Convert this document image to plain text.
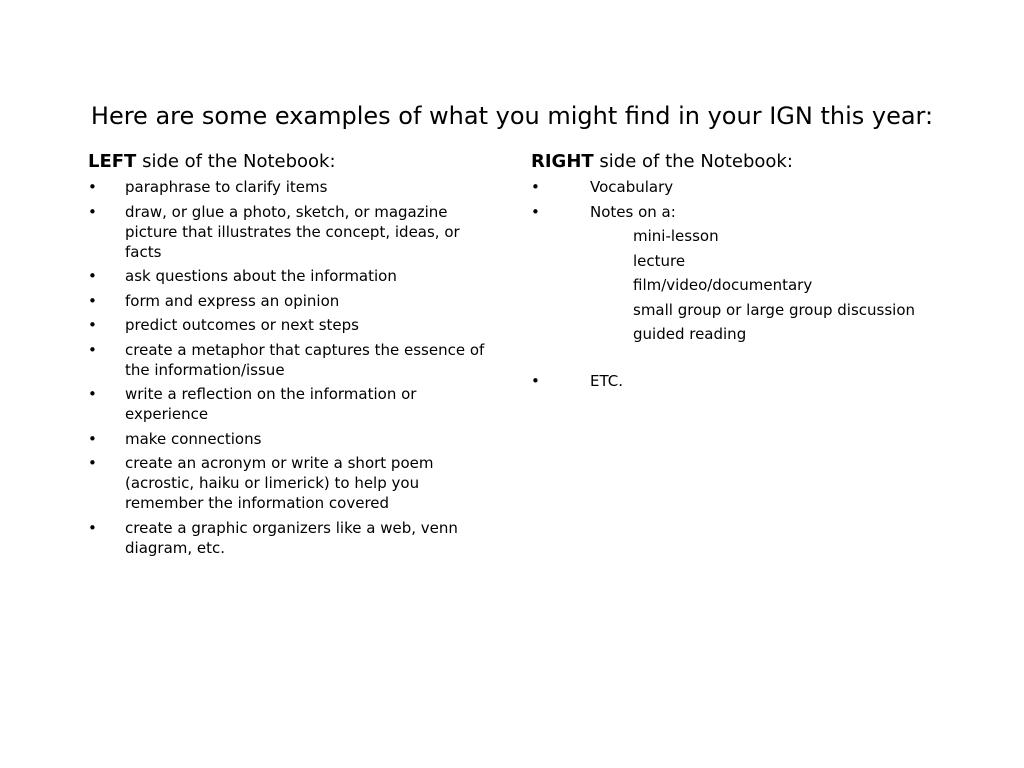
Here are some examples of what you might find in your IGN this year:
LEFT side of the Notebook:
•	paraphrase to clarify items
•	draw, or glue a photo, sketch, or magazine picture that illustrates the concept, ideas, or facts
•	ask questions about the information
•	form and express an opinion
•	predict outcomes or next steps
•	create a metaphor that captures the essence of the information/issue
•	write a reflection on the information or experience
•	make connections
•	create an acronym or write a short poem (acrostic, haiku or limerick) to help you remember the information covered
•	create a graphic organizers like a web, venn diagram, etc.
RIGHT side of the Notebook:
•	Vocabulary
•	Notes on a:
mini-lesson
lecture
film/video/documentary
small group or large group discussion
guided reading
•	ETC.
